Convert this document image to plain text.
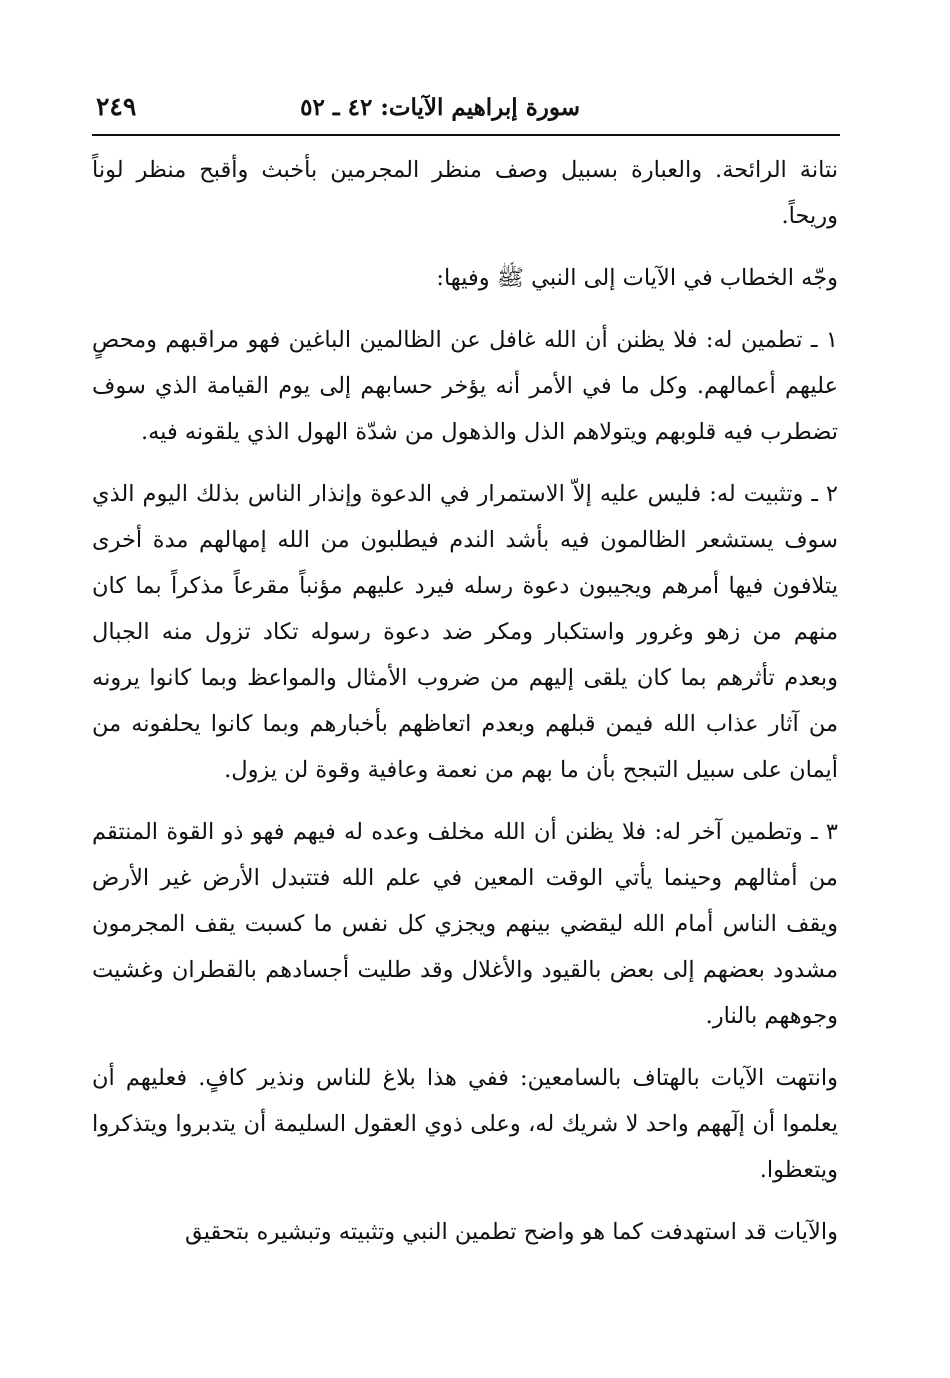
سورة إبراهيم الآيات: ٤٢ ـ ٥٢
٢٤٩

نتانة الرائحة. والعبارة بسبيل وصف منظر المجرمين بأخبث وأقبح منظر لوناً وريحاً.

وجّه الخطاب في الآيات إلى النبي ﷺ وفيها:

١ ـ تطمين له: فلا يظنن أن الله غافل عن الظالمين الباغين فهو مراقبهم ومحصٍ عليهم أعمالهم. وكل ما في الأمر أنه يؤخر حسابهم إلى يوم القيامة الذي سوف تضطرب فيه قلوبهم ويتولاهم الذل والذهول من شدّة الهول الذي يلقونه فيه.

٢ ـ وتثبيت له: فليس عليه إلاّ الاستمرار في الدعوة وإنذار الناس بذلك اليوم الذي سوف يستشعر الظالمون فيه بأشد الندم فيطلبون من الله إمهالهم مدة أخرى يتلافون فيها أمرهم ويجيبون دعوة رسله فيرد عليهم مؤنباً مقرعاً مذكراً بما كان منهم من زهو وغرور واستكبار ومكر ضد دعوة رسوله تكاد تزول منه الجبال وبعدم تأثرهم بما كان يلقى إليهم من ضروب الأمثال والمواعظ وبما كانوا يرونه من آثار عذاب الله فيمن قبلهم وبعدم اتعاظهم بأخبارهم وبما كانوا يحلفونه من أيمان على سبيل التبجح بأن ما بهم من نعمة وعافية وقوة لن يزول.

٣ ـ وتطمين آخر له: فلا يظنن أن الله مخلف وعده له فيهم فهو ذو القوة المنتقم من أمثالهم وحينما يأتي الوقت المعين في علم الله فتتبدل الأرض غير الأرض ويقف الناس أمام الله ليقضي بينهم ويجزي كل نفس ما كسبت يقف المجرمون مشدود بعضهم إلى بعض بالقيود والأغلال وقد طليت أجسادهم بالقطران وغشيت وجوههم بالنار.

وانتهت الآيات بالهتاف بالسامعين: ففي هذا بلاغ للناس ونذير كافٍ. فعليهم أن يعلموا أن إلٓههم واحد لا شريك له، وعلى ذوي العقول السليمة أن يتدبروا ويتذكروا ويتعظوا.

والآيات قد استهدفت كما هو واضح تطمين النبي وتثبيته وتبشيره بتحقيق
